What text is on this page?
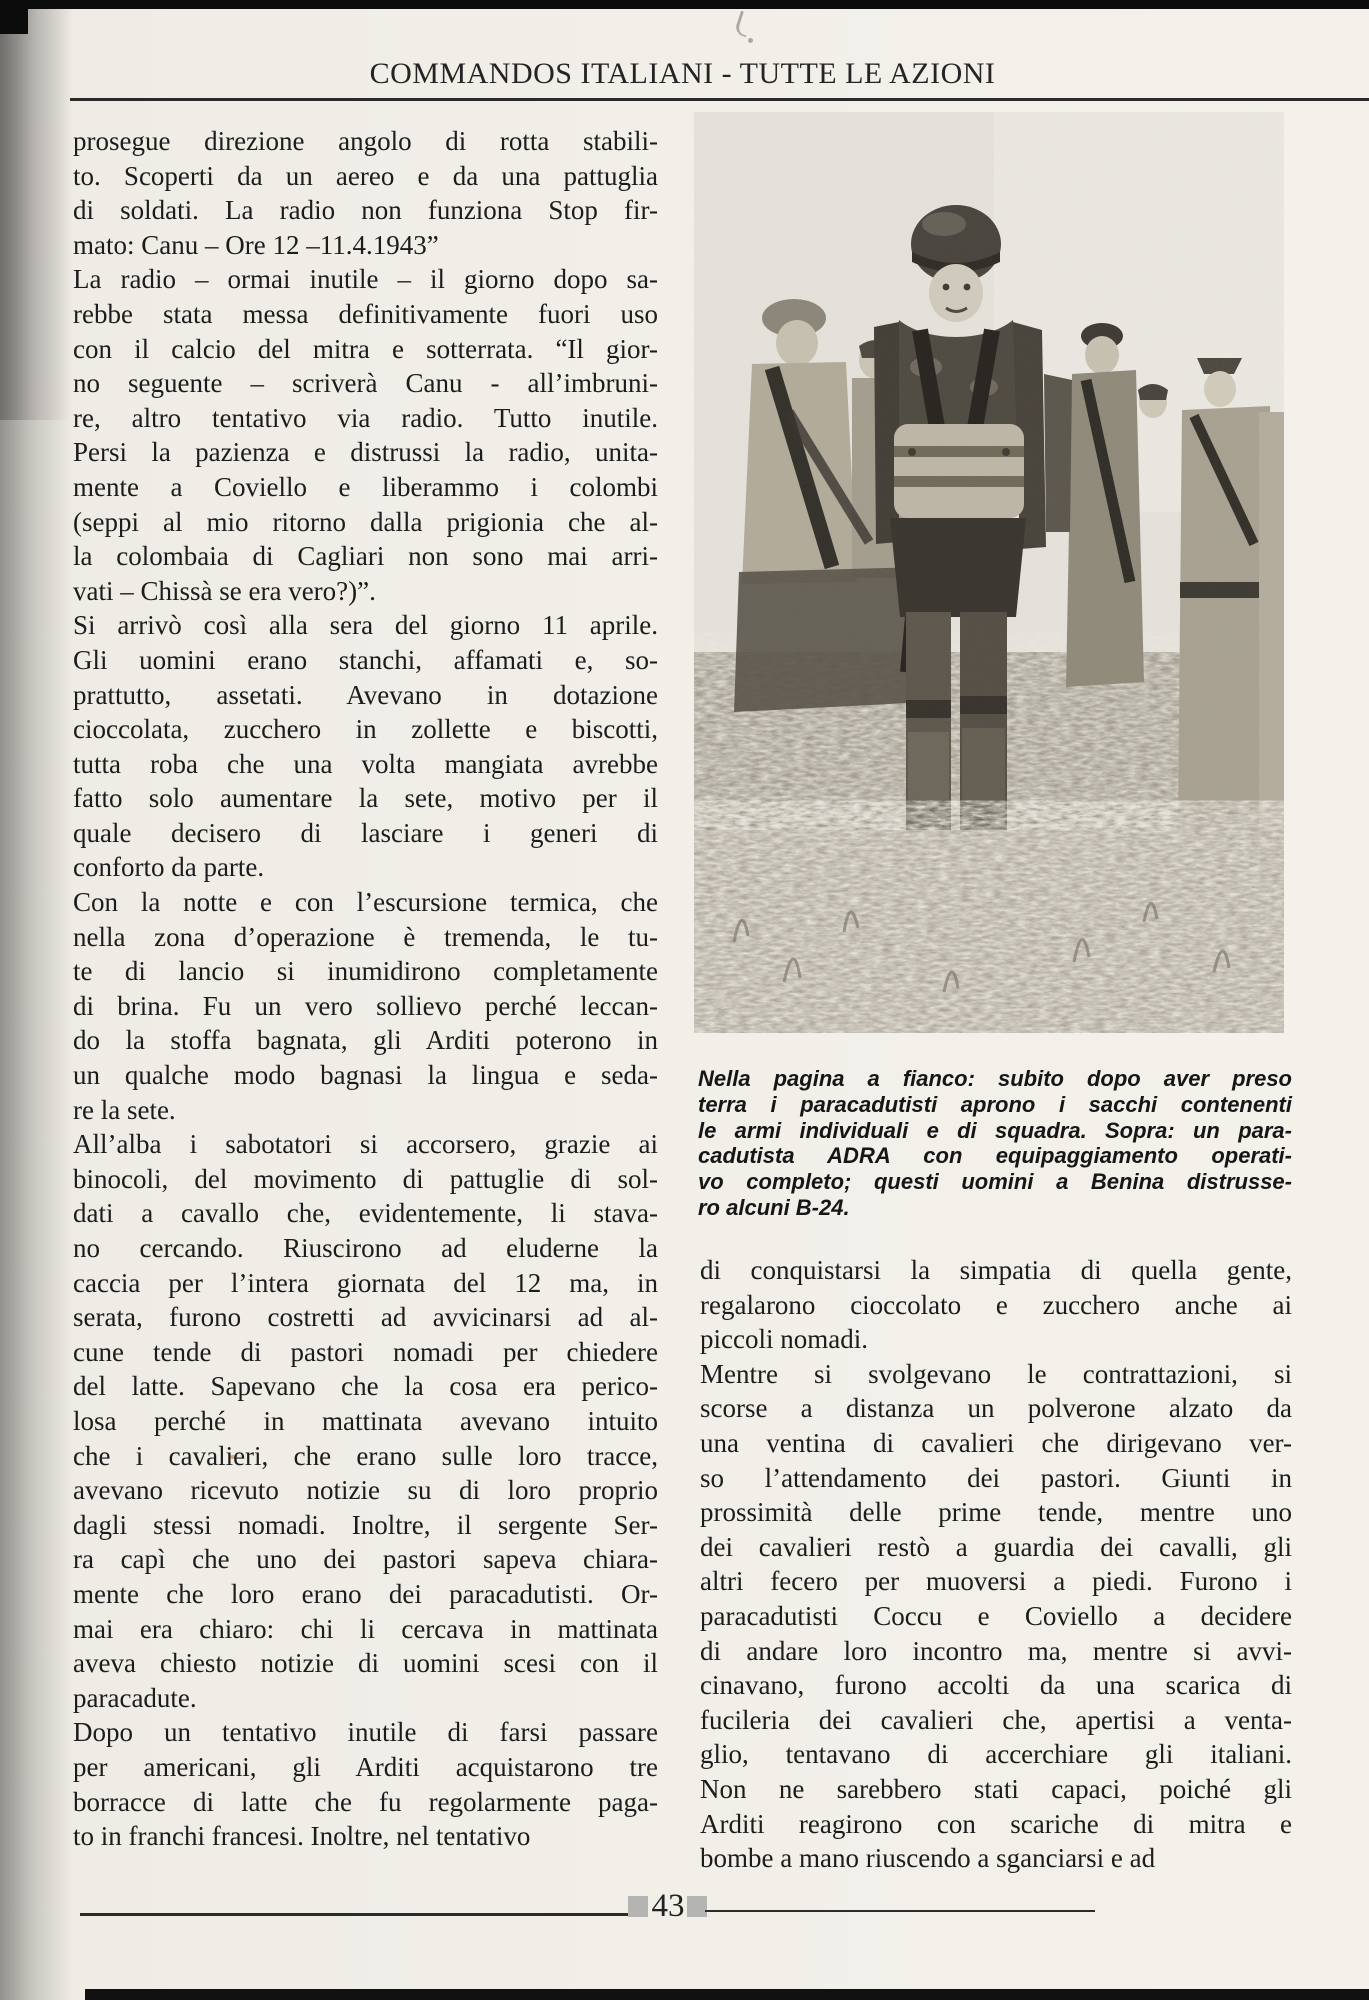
COMMANDOS ITALIANI - TUTTE LE AZIONI
prosegue direzione angolo di rotta stabili-
to. Scoperti da un aereo e da una pattuglia
di soldati. La radio non funziona Stop fir-
mato: Canu – Ore 12 –11.4.1943”
La radio – ormai inutile – il giorno dopo sa-
rebbe stata messa definitivamente fuori uso
con il calcio del mitra e sotterrata. “Il gior-
no seguente – scriverà Canu - all’imbruni-
re, altro tentativo via radio. Tutto inutile.
Persi la pazienza e distrussi la radio, unita-
mente a Coviello e liberammo i colombi
(seppi al mio ritorno dalla prigionia che al-
la colombaia di Cagliari non sono mai arri-
vati – Chissà se era vero?)”.
Si arrivò così alla sera del giorno 11 aprile.
Gli uomini erano stanchi, affamati e, so-
prattutto, assetati. Avevano in dotazione
cioccolata, zucchero in zollette e biscotti,
tutta roba che una volta mangiata avrebbe
fatto solo aumentare la sete, motivo per il
quale decisero di lasciare i generi di
conforto da parte.
Con la notte e con l’escursione termica, che
nella zona d’operazione è tremenda, le tu-
te di lancio si inumidirono completamente
di brina. Fu un vero sollievo perché leccan-
do la stoffa bagnata, gli Arditi poterono in
un qualche modo bagnasi la lingua e seda-
re la sete.
All’alba i sabotatori si accorsero, grazie ai
binocoli, del movimento di pattuglie di sol-
dati a cavallo che, evidentemente, li stava-
no cercando. Riuscirono ad eluderne la
caccia per l’intera giornata del 12 ma, in
serata, furono costretti ad avvicinarsi ad al-
cune tende di pastori nomadi per chiedere
del latte. Sapevano che la cosa era perico-
losa perché in mattinata avevano intuito
che i cavalieri, che erano sulle loro tracce,
avevano ricevuto notizie su di loro proprio
dagli stessi nomadi. Inoltre, il sergente Ser-
ra capì che uno dei pastori sapeva chiara-
mente che loro erano dei paracadutisti. Or-
mai era chiaro: chi li cercava in mattinata
aveva chiesto notizie di uomini scesi con il
paracadute.
Dopo un tentativo inutile di farsi passare
per americani, gli Arditi acquistarono tre
borracce di latte che fu regolarmente paga-
to in franchi francesi. Inoltre, nel tentativo
Nella pagina a fianco: subito dopo aver preso
terra i paracadutisti aprono i sacchi contenenti
le armi individuali e di squadra. Sopra: un para-
cadutista ADRA con equipaggiamento operati-
vo completo; questi uomini a Benina distrusse-
ro alcuni B-24.
di conquistarsi la simpatia di quella gente,
regalarono cioccolato e zucchero anche ai
piccoli nomadi.
Mentre si svolgevano le contrattazioni, si
scorse a distanza un polverone alzato da
una ventina di cavalieri che dirigevano ver-
so l’attendamento dei pastori. Giunti in
prossimità delle prime tende, mentre uno
dei cavalieri restò a guardia dei cavalli, gli
altri fecero per muoversi a piedi. Furono i
paracadutisti Coccu e Coviello a decidere
di andare loro incontro ma, mentre si avvi-
cinavano, furono accolti da una scarica di
fucileria dei cavalieri che, apertisi a venta-
glio, tentavano di accerchiare gli italiani.
Non ne sarebbero stati capaci, poiché gli
Arditi reagirono con scariche di mitra e
bombe a mano riuscendo a sganciarsi e ad
43
